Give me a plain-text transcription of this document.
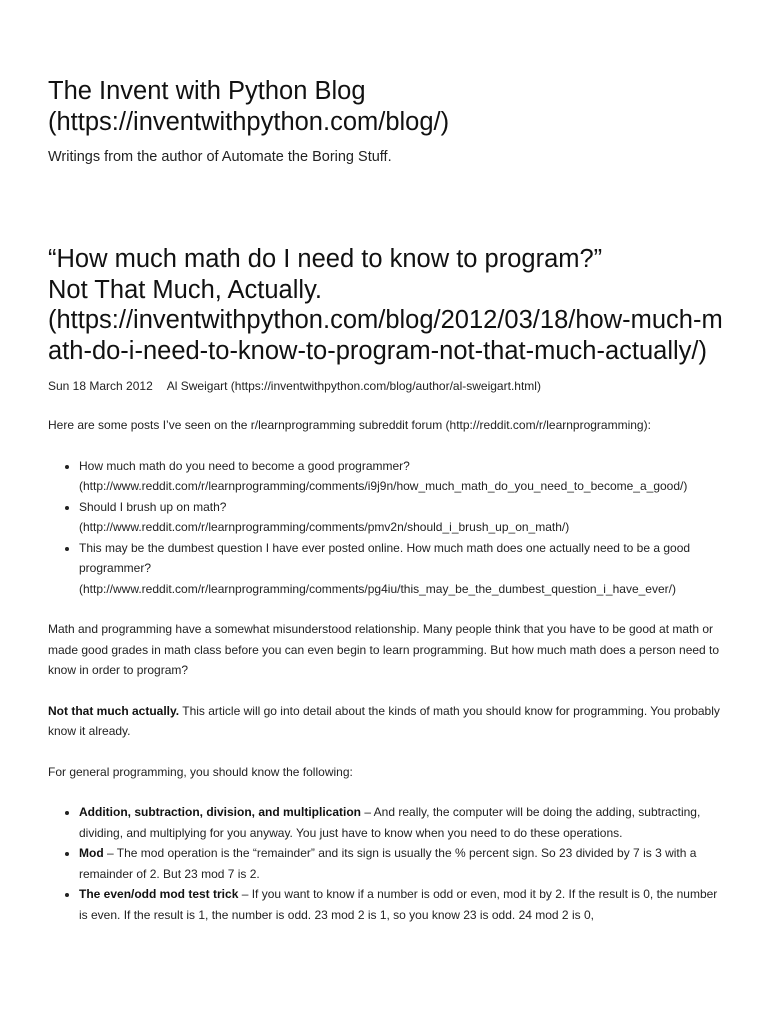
The Invent with Python Blog
(https://inventwithpython.com/blog/)

Writings from the author of Automate the Boring Stuff.

“How much math do I need to know to program?”
Not That Much, Actually.
(https://inventwithpython.com/blog/2012/03/18/how-much-math-do-i-need-to-know-to-program-not-that-much-actually/)
Sun 18 March 2012 Al Sweigart (https://inventwithpython.com/blog/author/al-sweigart.html)

Here are some posts I’ve seen on the r/learnprogramming subreddit forum (http://reddit.com/r/learnprogramming):

• How much math do you need to become a good programmer?
(http://www.reddit.com/r/learnprogramming/comments/i9j9n/how_much_math_do_you_need_to_become_a_good/)
• Should I brush up on math?
(http://www.reddit.com/r/learnprogramming/comments/pmv2n/should_i_brush_up_on_math/)
• This may be the dumbest question I have ever posted online. How much math does one actually need to be a good programmer?
(http://www.reddit.com/r/learnprogramming/comments/pg4iu/this_may_be_the_dumbest_question_i_have_ever/)

Math and programming have a somewhat misunderstood relationship. Many people think that you have to be good at math or made good grades in math class before you can even begin to learn programming. But how much math does a person need to know in order to program?

Not that much actually. This article will go into detail about the kinds of math you should know for programming. You probably know it already.

For general programming, you should know the following:

• Addition, subtraction, division, and multiplication – And really, the computer will be doing the adding, subtracting, dividing, and multiplying for you anyway. You just have to know when you need to do these operations.
• Mod – The mod operation is the “remainder” and its sign is usually the % percent sign. So 23 divided by 7 is 3 with a remainder of 2. But 23 mod 7 is 2.
• The even/odd mod test trick – If you want to know if a number is odd or even, mod it by 2. If the result is 0, the number is even. If the result is 1, the number is odd. 23 mod 2 is 1, so you know 23 is odd. 24 mod 2 is 0,
